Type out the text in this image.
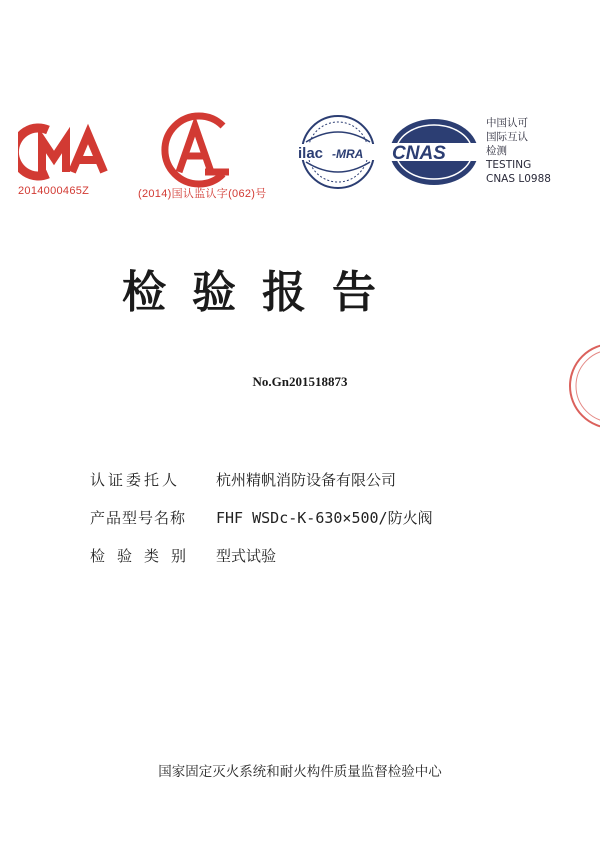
2014000465Z	(2014)国认监认字(062)号
ilac -MRA CNAS
中国认可
国际互认
检测
TESTING
CNAS L0988
检验报告
No.Gn201518873
认证委托人	杭州精帆消防设备有限公司
产品型号名称	FHF WSDc-K-630×500/防火阀
检验类别	型式试验
国家固定灭火系统和耐火构件质量监督检验中心
